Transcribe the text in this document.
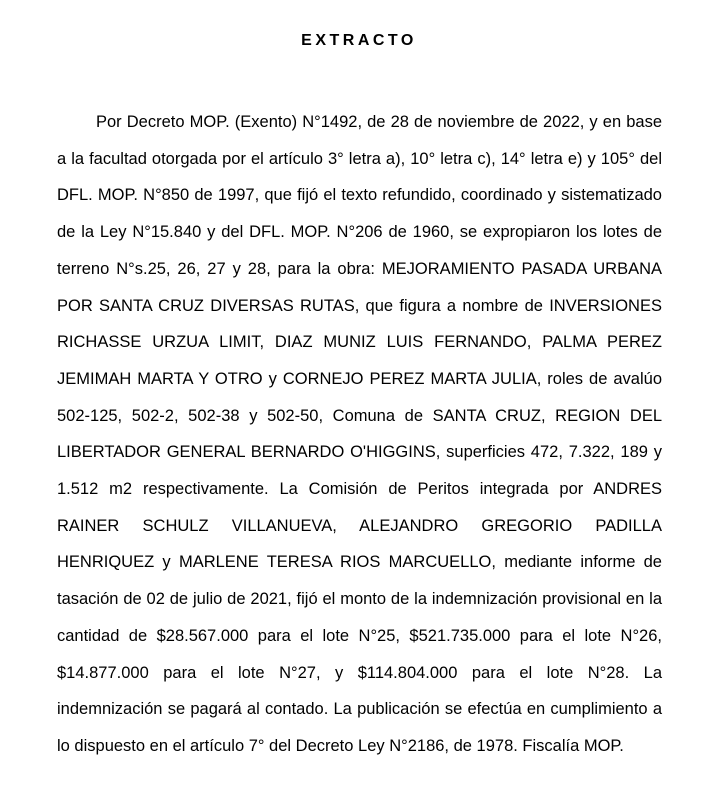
EXTRACTO

Por Decreto MOP. (Exento) N°1492, de 28 de noviembre de 2022, y en base a la facultad otorgada por el artículo 3° letra a), 10° letra c), 14° letra e) y 105° del DFL. MOP. N°850 de 1997, que fijó el texto refundido, coordinado y sistematizado de la Ley N°15.840 y del DFL. MOP. N°206 de 1960, se expropiaron los lotes de terreno N°s.25, 26, 27 y 28, para la obra: MEJORAMIENTO PASADA URBANA POR SANTA CRUZ DIVERSAS RUTAS, que figura a nombre de INVERSIONES RICHASSE URZUA LIMIT, DIAZ MUNIZ LUIS FERNANDO, PALMA PEREZ JEMIMAH MARTA Y OTRO y CORNEJO PEREZ MARTA JULIA, roles de avalúo 502-125, 502-2, 502-38 y 502-50, Comuna de SANTA CRUZ, REGION DEL LIBERTADOR GENERAL BERNARDO O'HIGGINS, superficies 472, 7.322, 189 y 1.512 m2 respectivamente. La Comisión de Peritos integrada por ANDRES RAINER SCHULZ VILLANUEVA, ALEJANDRO GREGORIO PADILLA HENRIQUEZ y MARLENE TERESA RIOS MARCUELLO, mediante informe de tasación de 02 de julio de 2021, fijó el monto de la indemnización provisional en la cantidad de $28.567.000 para el lote N°25, $521.735.000 para el lote N°26, $14.877.000 para el lote N°27, y $114.804.000 para el lote N°28. La indemnización se pagará al contado. La publicación se efectúa en cumplimiento a lo dispuesto en el artículo 7° del Decreto Ley N°2186, de 1978. Fiscalía MOP.
